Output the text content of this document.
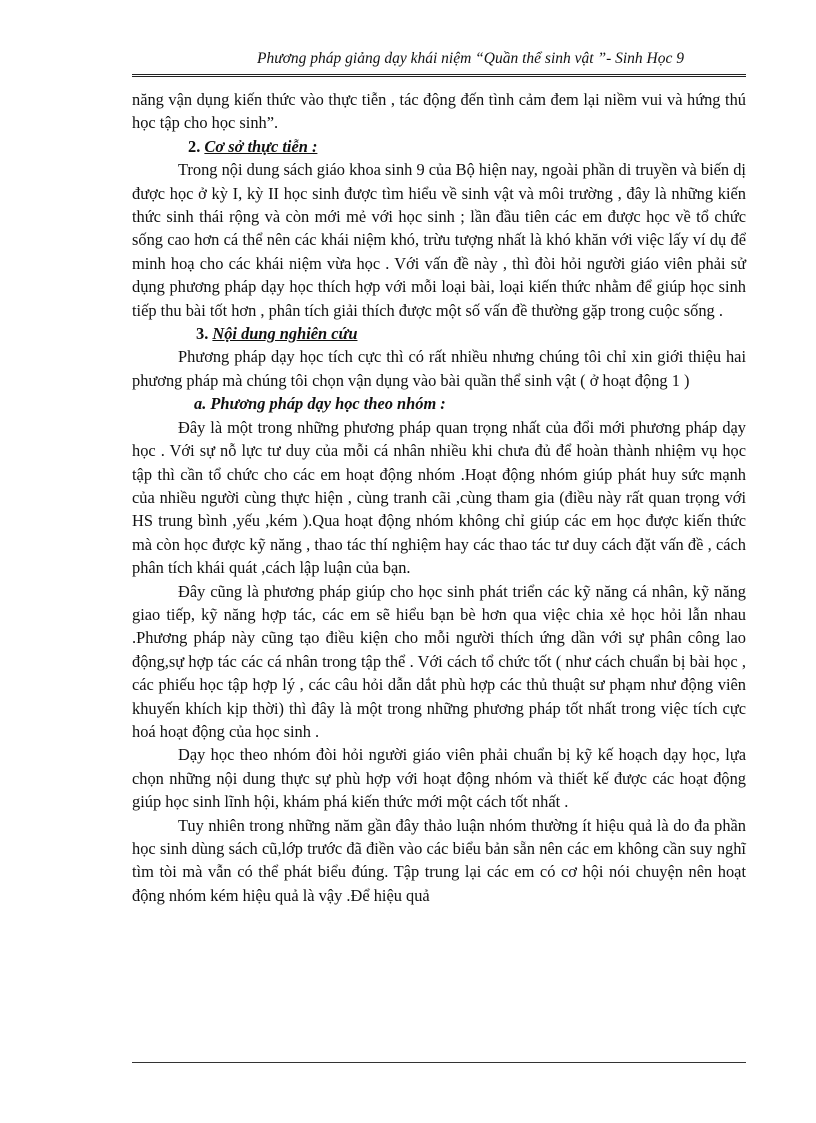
Phương pháp giảng dạy khái niệm “Quần thể sinh vật ”- Sinh Học 9

năng vận dụng kiến thức vào thực tiễn , tác động đến tình cảm đem lại niềm vui và hứng thú học tập cho học sinh”.

2. Cơ sở thực tiễn :

Trong nội dung sách giáo khoa sinh 9 của Bộ hiện nay, ngoài phần di truyền và biến dị được học ở kỳ I, kỳ II học sinh được tìm hiểu về sinh vật và môi trường , đây là những kiến thức sinh thái rộng và còn mới mẻ với học sinh ; lần đầu tiên các em được học về tổ chức sống cao hơn cá thể nên các khái niệm khó, trừu tượng nhất là khó khăn với việc lấy ví dụ để minh hoạ cho các khái niệm vừa học . Với vấn đề này , thì đòi hỏi người giáo viên phải sử dụng phương pháp dạy học thích hợp với mỗi loại bài, loại kiến thức nhằm để giúp học sinh tiếp thu bài tốt hơn , phân tích giải thích được một số vấn đề thường gặp trong cuộc sống .

3. Nội dung nghiên cứu

Phương pháp dạy học tích cực thì có rất nhiều nhưng chúng tôi chỉ xin giới thiệu hai phương pháp mà chúng tôi chọn vận dụng vào bài quần thể sinh vật ( ở hoạt động 1 )

a. Phương pháp dạy học theo nhóm :

Đây là một trong những phương pháp quan trọng nhất của đổi mới phương pháp dạy học . Với sự nỗ lực tư duy của mỗi cá nhân nhiều khi chưa đủ để hoàn thành nhiệm vụ học tập thì cần tổ chức cho các em hoạt động nhóm .Hoạt động nhóm giúp phát huy sức mạnh của nhiều người cùng thực hiện , cùng tranh cãi ,cùng tham gia (điều này rất quan trọng với HS trung bình ,yếu ,kém ).Qua hoạt động nhóm không chỉ giúp các em học được kiến thức mà còn học được kỹ năng , thao tác thí nghiệm hay các thao tác tư duy cách đặt vấn đề , cách phân tích khái quát ,cách lập luận của bạn.

Đây cũng là phương pháp giúp cho học sinh phát triển các kỹ năng cá nhân, kỹ năng giao tiếp, kỹ năng hợp tác, các em sẽ hiểu bạn bè hơn qua việc chia xẻ học hỏi lẫn nhau .Phương pháp này cũng tạo điều kiện cho mỗi người thích ứng dần với sự phân công lao động,sự hợp tác các cá nhân trong tập thể . Với cách tổ chức tốt ( như cách chuẩn bị bài học , các phiếu học tập hợp lý , các câu hỏi dẫn dắt phù hợp các thủ thuật sư phạm như động viên khuyến khích kịp thời) thì đây là một trong những phương pháp tốt nhất trong việc tích cực hoá hoạt động của học sinh .

Dạy học theo nhóm đòi hỏi người giáo viên phải chuẩn bị kỹ kế hoạch dạy học, lựa chọn những nội dung thực sự phù hợp với hoạt động nhóm và thiết kế được các hoạt động giúp học sinh lĩnh hội, khám phá kiến thức mới một cách tốt nhất .

Tuy nhiên trong những năm gần đây thảo luận nhóm thường ít hiệu quả là do đa phần học sinh dùng sách cũ,lớp trước đã điền vào các biểu bản sẵn nên các em không cần suy nghĩ tìm tòi mà vẫn có thể phát biểu đúng. Tập trung lại các em có cơ hội nói chuyện nên hoạt động nhóm kém hiệu quả là vậy .Để hiệu quả
